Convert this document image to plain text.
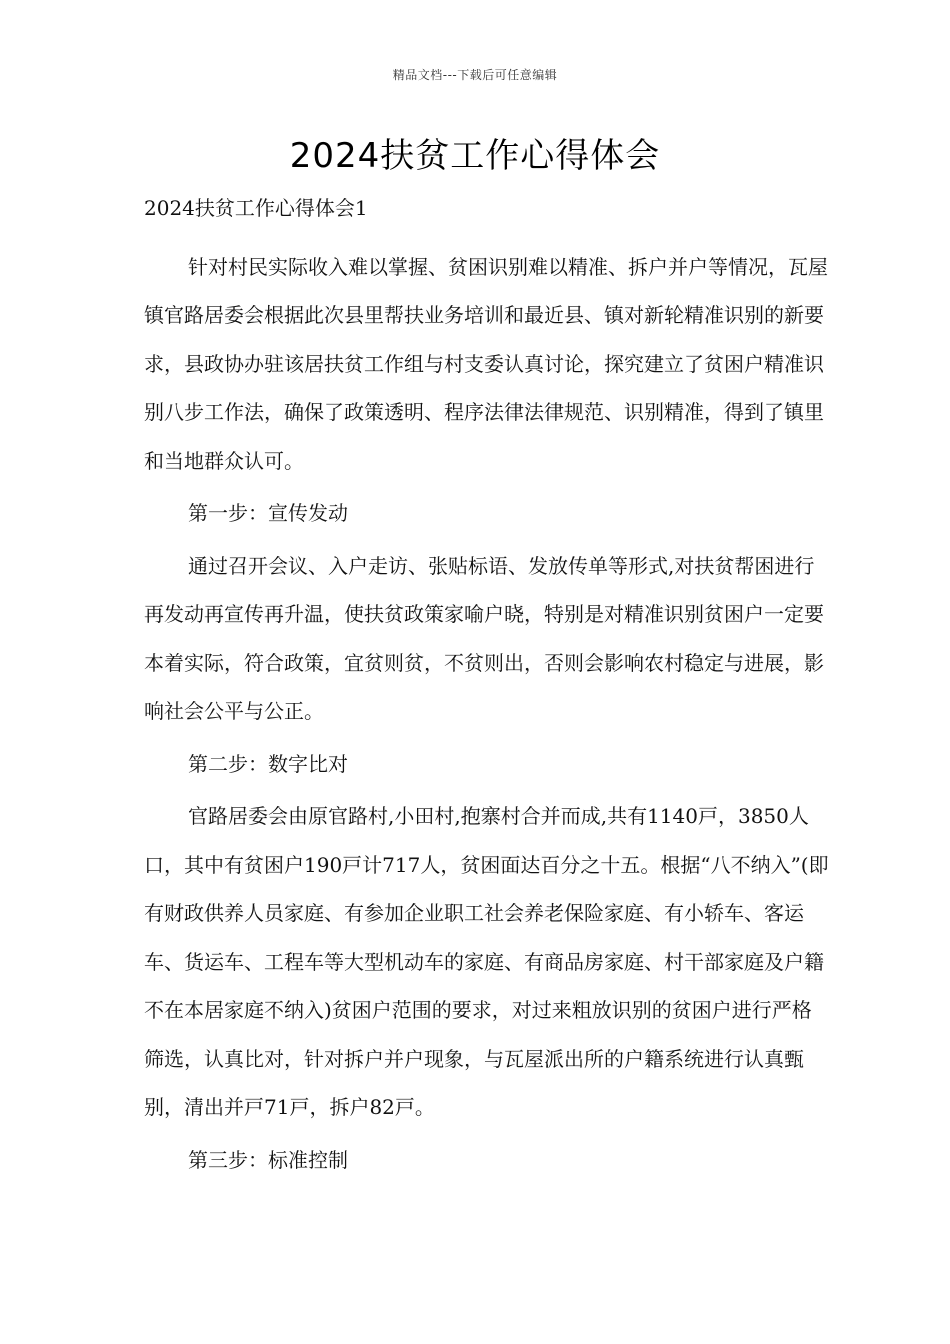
精品文档---下载后可任意编辑
2024扶贫工作心得体会

2024扶贫工作心得体会1

针对村民实际收入难以掌握、贫困识别难以精准、拆户并户等情况，瓦屋镇官路居委会根据此次县里帮扶业务培训和最近县、镇对新轮精准识别的新要求，县政协办驻该居扶贫工作组与村支委认真讨论，探究建立了贫困户精准识别八步工作法，确保了政策透明、程序法律法律规范、识别精准，得到了镇里和当地群众认可。

第一步：宣传发动

通过召开会议、入户走访、张贴标语、发放传单等形式,对扶贫帮困进行再发动再宣传再升温，使扶贫政策家喻户晓，特别是对精准识别贫困户一定要本着实际，符合政策，宜贫则贫，不贫则出，否则会影响农村稳定与进展，影响社会公平与公正。

第二步：数字比对

官路居委会由原官路村,小田村,抱寨村合并而成,共有1140戸，3850人口，其中有贫困户190戸计717人，贫困面达百分之十五。根据“八不纳入”(即有财政供养人员家庭、有参加企业职工社会养老保险家庭、有小轿车、客运车、货运车、工程车等大型机动车的家庭、有商品房家庭、村干部家庭及户籍不在本居家庭不纳入)贫困户范围的要求，对过来粗放识别的贫困户进行严格筛选，认真比对，针对拆户并户现象，与瓦屋派出所的户籍系统进行认真甄别，清出并戸71戸，拆户82戸。

第三步：标准控制
